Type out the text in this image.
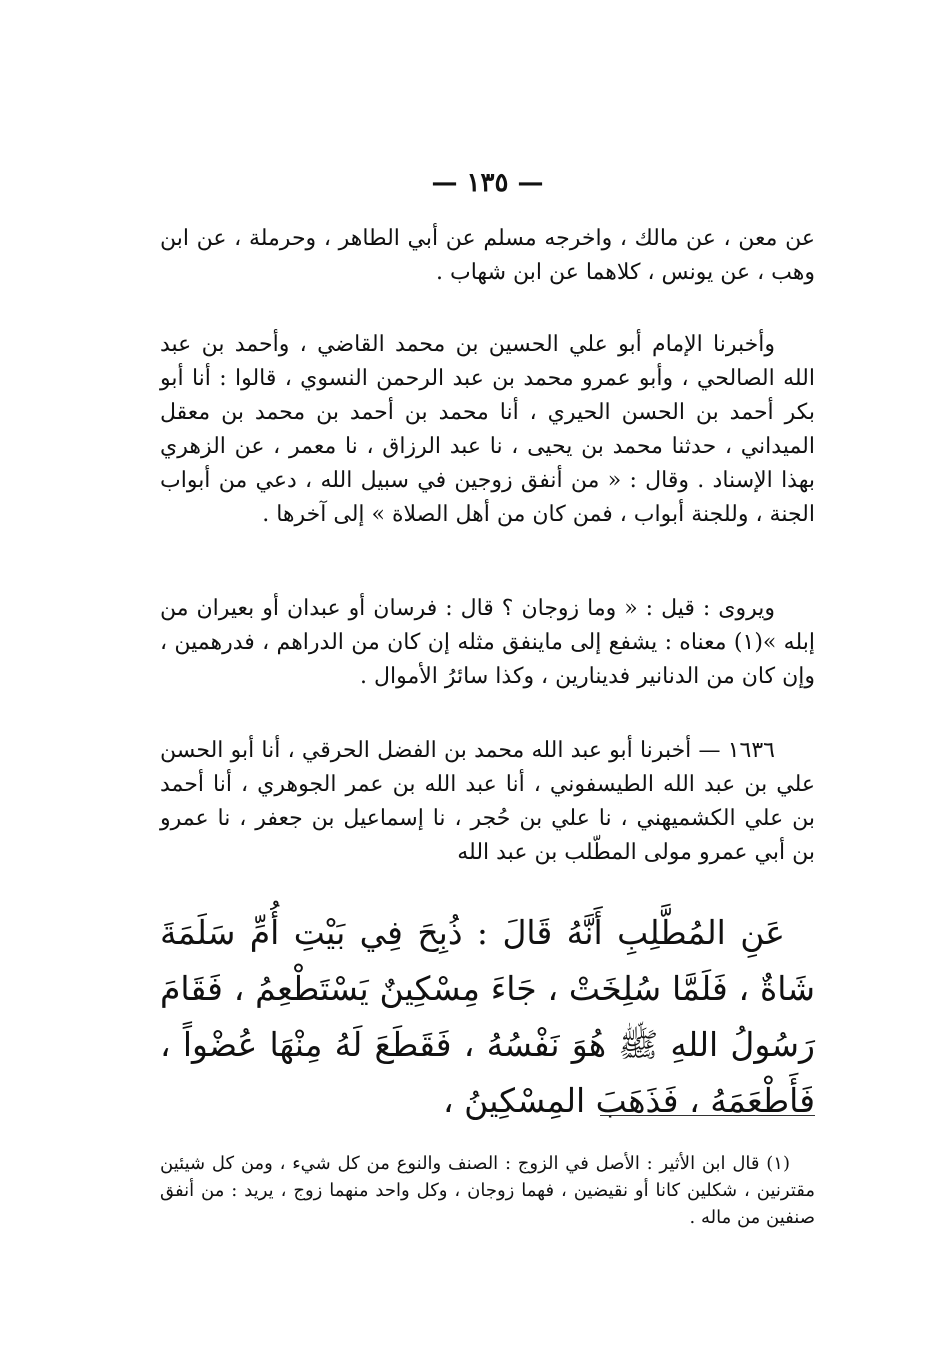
— ١٣٥ —

عن معن ، عن مالك ، واخرجه مسلم عن أبي الطاهر ، وحرملة ، عن ابن وهب ، عن يونس ، كلاهما عن ابن شهاب .

وأخبرنا الإمام أبو علي الحسين بن محمد القاضي ، وأحمد بن عبد الله الصالحي ، وأبو عمرو محمد بن عبد الرحمن النسوي ، قالوا : أنا أبو بكر أحمد بن الحسن الحيري ، أنا محمد بن أحمد بن محمد بن معقل الميداني ، حدثنا محمد بن يحيى ، نا عبد الرزاق ، نا معمر ، عن الزهري بهذا الإسناد . وقال : « من أنفق زوجين في سبيل الله ، دعي من أبواب الجنة ، وللجنة أبواب ، فمن كان من أهل الصلاة » إلى آخرها .

ويروى : قيل : « وما زوجان ؟ قال : فرسان أو عبدان أو بعيران من إبله »(١) معناه : يشفع إلى ماينفق مثله إن كان من الدراهم ، فدرهمين ، وإن كان من الدنانير فدينارين ، وكذا سائرُ الأموال .

١٦٣٦ — أخبرنا أبو عبد الله محمد بن الفضل الحرقي ، أنا أبو الحسن علي بن عبد الله الطيسفوني ، أنا عبد الله بن عمر الجوهري ، أنا أحمد بن علي الكشميهني ، نا علي بن حُجر ، نا إسماعيل بن جعفر ، نا عمرو بن أبي عمرو مولى المطّلب بن عبد الله

عَنِ المُطَّلِبِ أَنَّهُ قَالَ : ذُبِحَ فِي بَيْتِ أُمِّ سَلَمَةَ شَاةٌ ، فَلَمَّا سُلِخَتْ ، جَاءَ مِسْكِينٌ يَسْتَطْعِمُ ، فَقَامَ رَسُولُ اللهِ ﷺ هُوَ نَفْسُهُ ، فَقَطَعَ لَهُ مِنْهَا عُضْواً ، فَأَطْعَمَهُ ، فَذَهَبَ المِسْكِينُ ،

(١) قال ابن الأثير : الأصل في الزوج : الصنف والنوع من كل شيء ، ومن كل شيئين مقترنين ، شكلين كانا أو نقيضين ، فهما زوجان ، وكل واحد منهما زوج ، يريد : من أنفق صنفين من ماله .
